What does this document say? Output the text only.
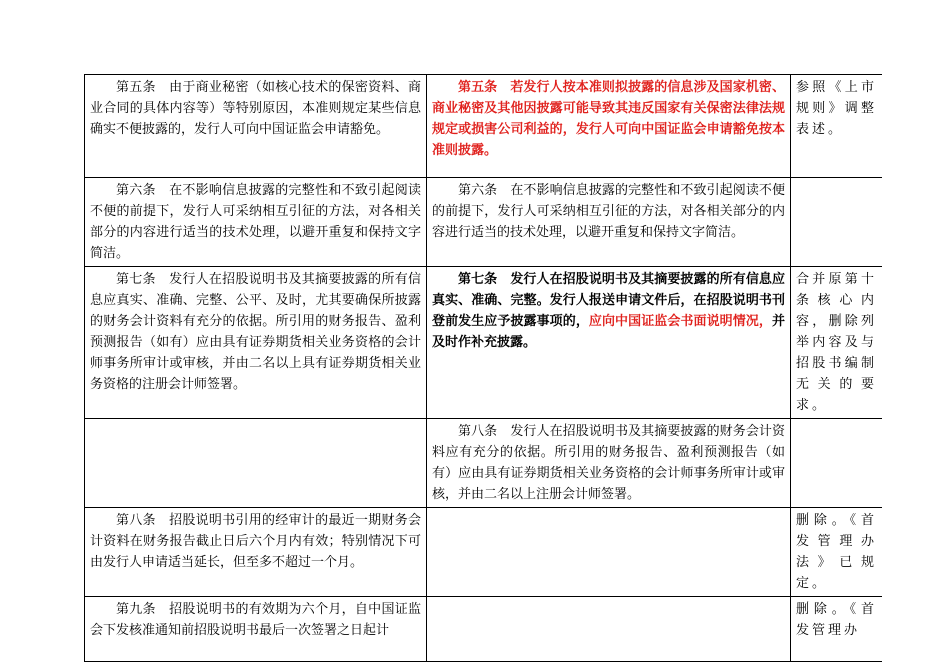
第五条　由于商业秘密（如核心技术的保密资料、商业合同的具体内容等）等特别原因，本准则规定某些信息确实不便披露的，发行人可向中国证监会申请豁免。	第五条　若发行人按本准则拟披露的信息涉及国家机密、商业秘密及其他因披露可能导致其违反国家有关保密法律法规规定或损害公司利益的，发行人可向中国证监会申请豁免按本准则披露。	参照《上市规则》调整表述。
第六条　在不影响信息披露的完整性和不致引起阅读不便的前提下，发行人可采纳相互引征的方法，对各相关部分的内容进行适当的技术处理，以避开重复和保持文字简洁。	第六条　在不影响信息披露的完整性和不致引起阅读不便的前提下，发行人可采纳相互引征的方法，对各相关部分的内容进行适当的技术处理，以避开重复和保持文字简洁。	
第七条　发行人在招股说明书及其摘要披露的所有信息应真实、准确、完整、公平、及时，尤其要确保所披露的财务会计资料有充分的依据。所引用的财务报告、盈利预测报告（如有）应由具有证券期货相关业务资格的会计师事务所审计或审核，并由二名以上具有证券期货相关业务资格的注册会计师签署。	第七条　发行人在招股说明书及其摘要披露的所有信息应真实、准确、完整。发行人报送申请文件后，在招股说明书刊登前发生应予披露事项的，应向中国证监会书面说明情况，并及时作补充披露。	合并原第十条核心内容，删除列举内容及与招股书编制无关的要求。
	第八条　发行人在招股说明书及其摘要披露的财务会计资料应有充分的依据。所引用的财务报告、盈利预测报告（如有）应由具有证券期货相关业务资格的会计师事务所审计或审核，并由二名以上注册会计师签署。	
第八条　招股说明书引用的经审计的最近一期财务会计资料在财务报告截止日后六个月内有效；特别情况下可由发行人申请适当延长，但至多不超过一个月。		删除。《首发管理办法》已规定。
第九条　招股说明书的有效期为六个月，自中国证监会下发核准通知前招股说明书最后一次签署之日起计		删除。《首发管理办
